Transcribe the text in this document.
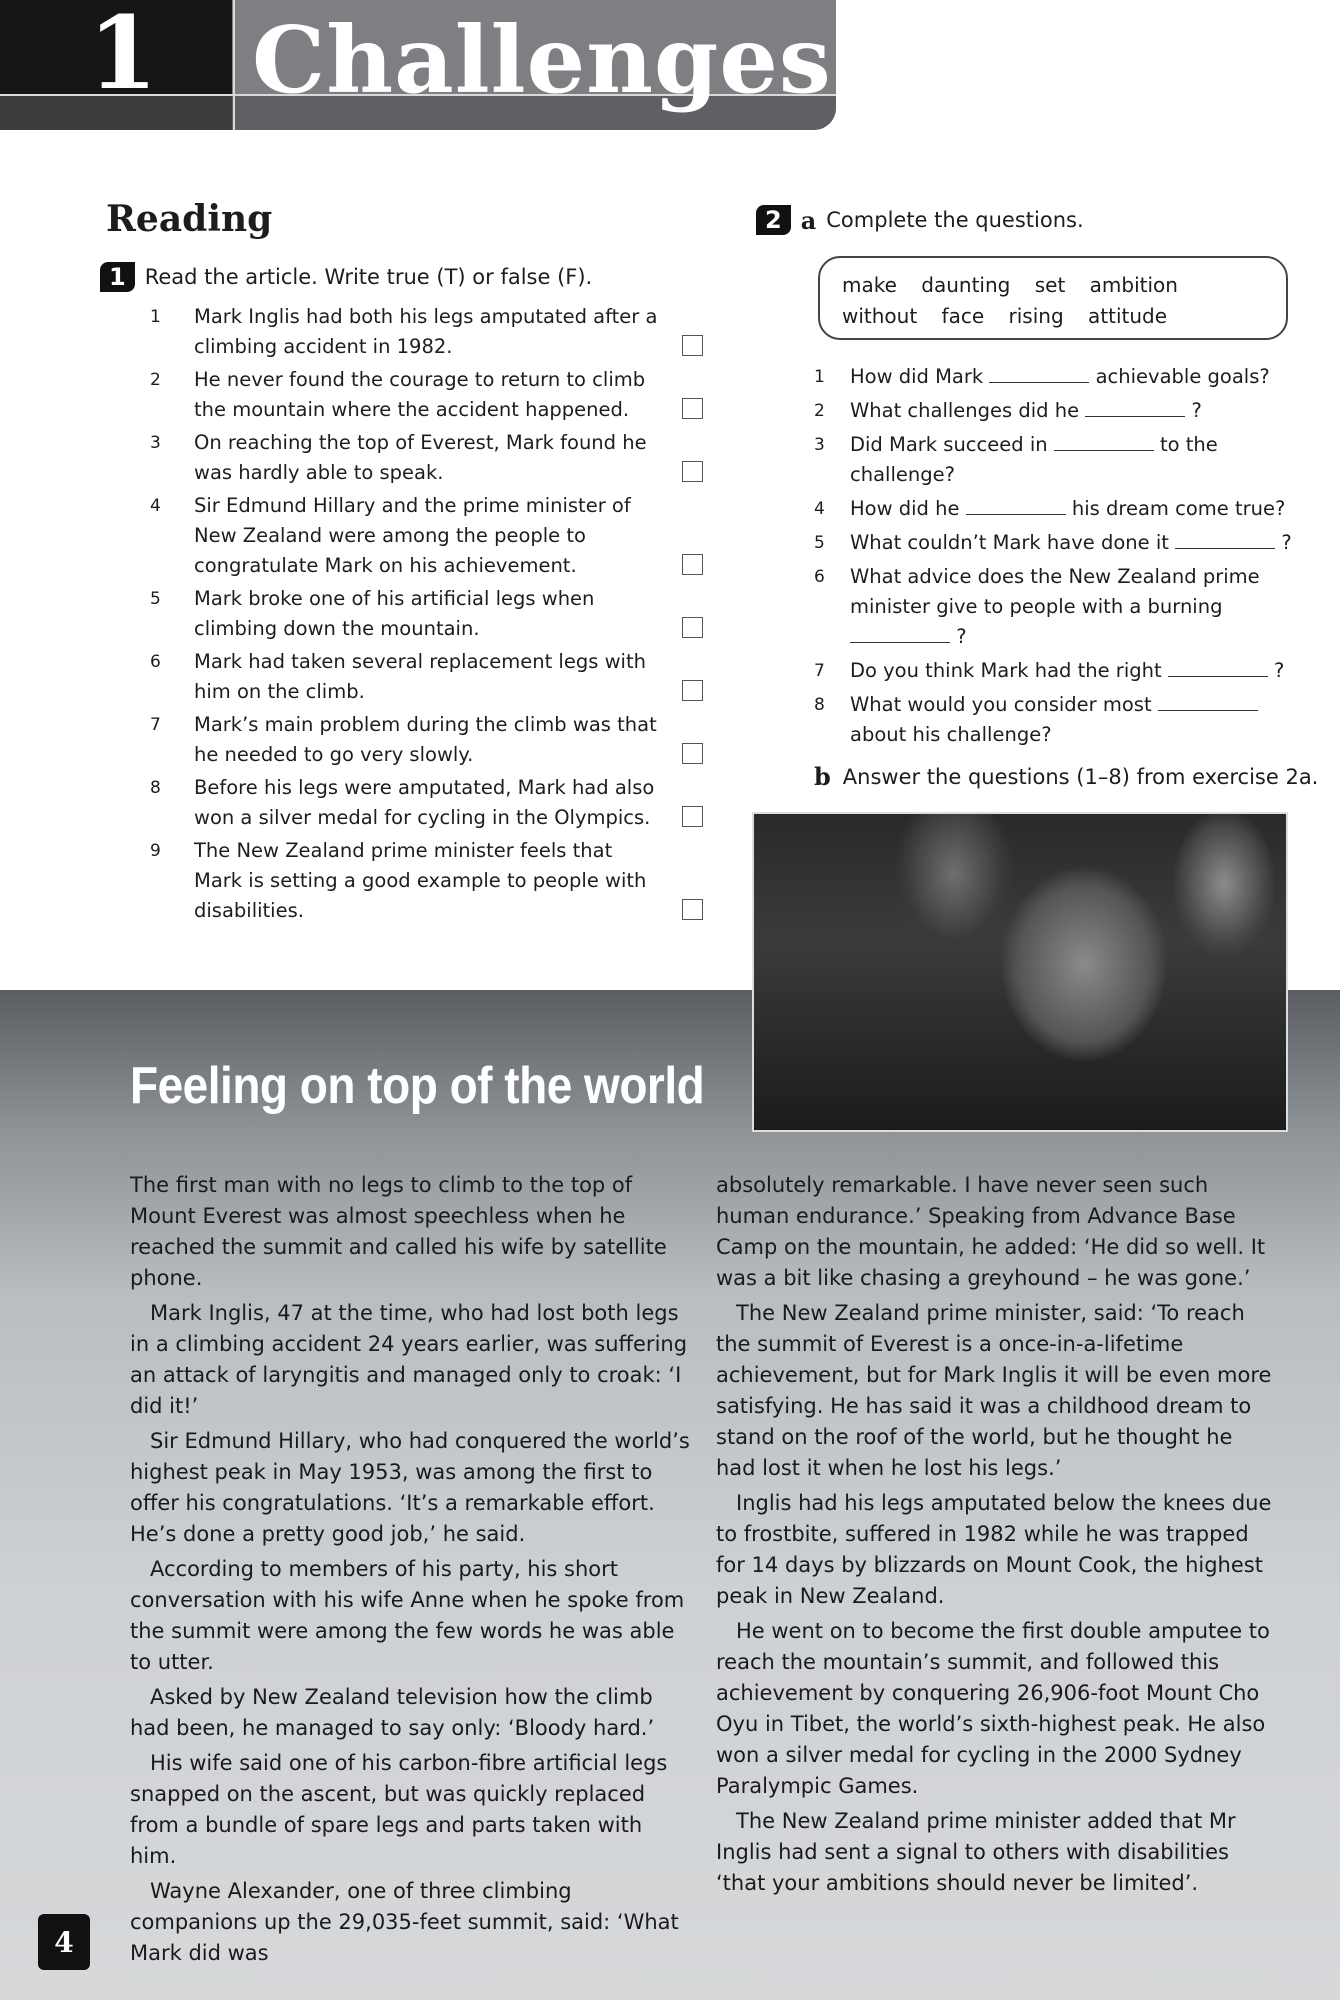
1 Challenges
Reading
1 Read the article. Write true (T) or false (F).
1	Mark Inglis had both his legs amputated after a climbing accident in 1982.
2	He never found the courage to return to climb the mountain where the accident happened.
3	On reaching the top of Everest, Mark found he was hardly able to speak.
4	Sir Edmund Hillary and the prime minister of New Zealand were among the people to congratulate Mark on his achievement.
5	Mark broke one of his artificial legs when climbing down the mountain.
6	Mark had taken several replacement legs with him on the climb.
7	Mark’s main problem during the climb was that he needed to go very slowly.
8	Before his legs were amputated, Mark had also won a silver medal for cycling in the Olympics.
9	The New Zealand prime minister feels that Mark is setting a good example to people with disabilities.
2 a Complete the questions.
make daunting set ambition
without face rising attitude
1	How did Mark	achievable goals?
2	What challenges did he	?
3	Did Mark succeed in	to the challenge?
4	How did he	his dream come true?
5	What couldn’t Mark have done it	?
6	What advice does the New Zealand prime minister give to people with a burning  ?
7	Do you think Mark had the right	?
8	What would you consider most  about his challenge?
b Answer the questions (1–8) from exercise 2a.
Feeling on top of the world

The first man with no legs to climb to the top of Mount Everest was almost speechless when he reached the summit and called his wife by satellite phone.

Mark Inglis, 47 at the time, who had lost both legs in a climbing accident 24 years earlier, was suffering an attack of laryngitis and managed only to croak: ‘I did it!’

Sir Edmund Hillary, who had conquered the world’s highest peak in May 1953, was among the first to offer his congratulations. ‘It’s a remarkable effort. He’s done a pretty good job,’ he said.

According to members of his party, his short conversation with his wife Anne when he spoke from the summit were among the few words he was able to utter.

Asked by New Zealand television how the climb had been, he managed to say only: ‘Bloody hard.’

His wife said one of his carbon-fibre artificial legs snapped on the ascent, but was quickly replaced from a bundle of spare legs and parts taken with him.

Wayne Alexander, one of three climbing companions up the 29,035-feet summit, said: ‘What Mark did was

absolutely remarkable. I have never seen such human endurance.’ Speaking from Advance Base Camp on the mountain, he added: ‘He did so well. It was a bit like chasing a greyhound – he was gone.’

The New Zealand prime minister, said: ‘To reach the summit of Everest is a once-in-a-lifetime achievement, but for Mark Inglis it will be even more satisfying. He has said it was a childhood dream to stand on the roof of the world, but he thought he had lost it when he lost his legs.’

Inglis had his legs amputated below the knees due to frostbite, suffered in 1982 while he was trapped for 14 days by blizzards on Mount Cook, the highest peak in New Zealand.

He went on to become the first double amputee to reach the mountain’s summit, and followed this achievement by conquering 26,906-foot Mount Cho Oyu in Tibet, the world’s sixth-highest peak. He also won a silver medal for cycling in the 2000 Sydney Paralympic Games.

The New Zealand prime minister added that Mr Inglis had sent a signal to others with disabilities ‘that your ambitions should never be limited’.

4
